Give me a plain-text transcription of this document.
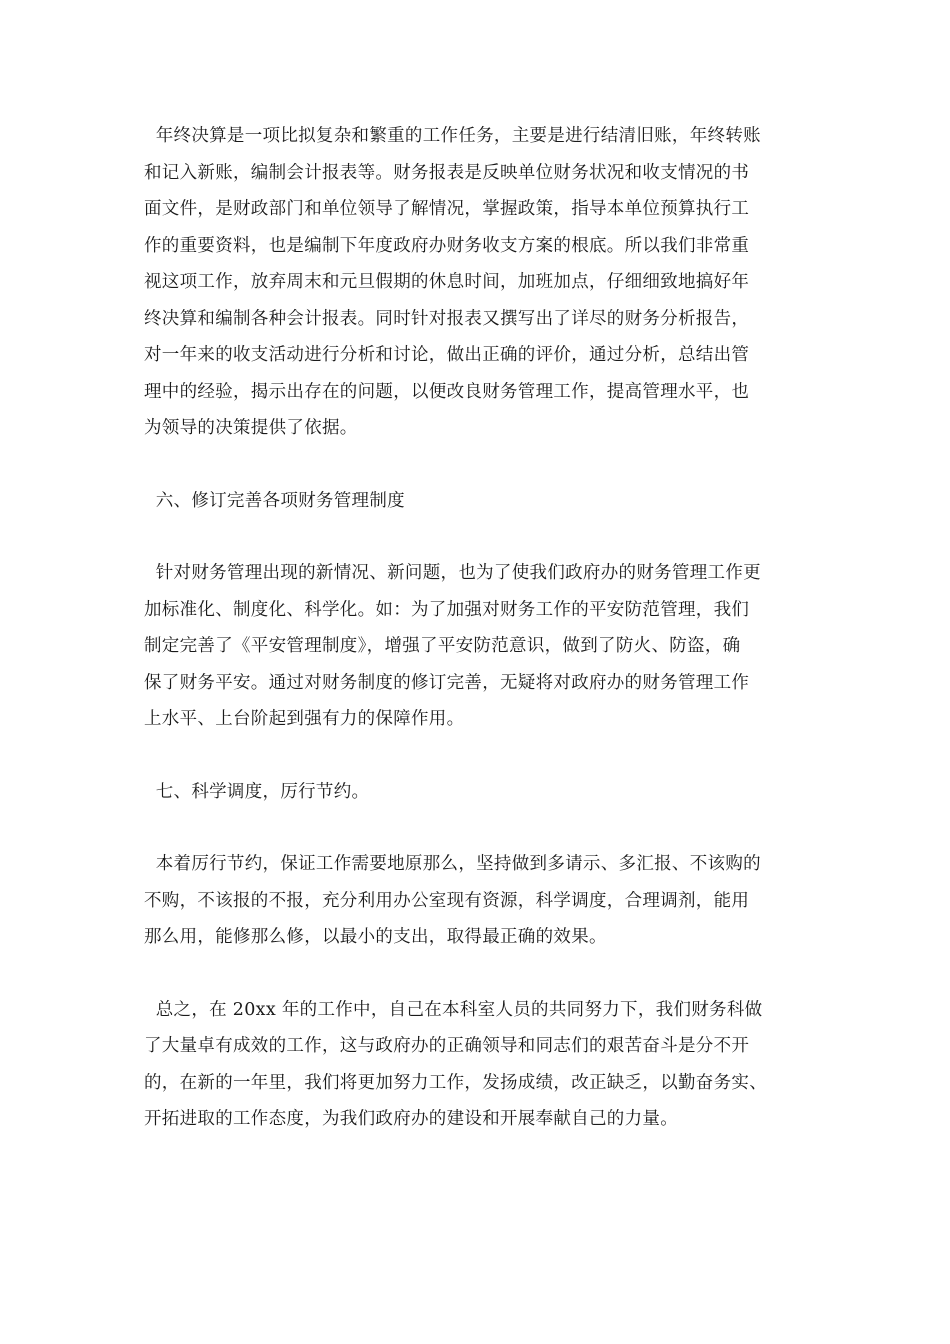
年终决算是一项比拟复杂和繁重的工作任务，主要是进行结清旧账，年终转账
和记入新账，编制会计报表等。财务报表是反映单位财务状况和收支情况的书
面文件，是财政部门和单位领导了解情况，掌握政策，指导本单位预算执行工
作的重要资料，也是编制下年度政府办财务收支方案的根底。所以我们非常重
视这项工作，放弃周末和元旦假期的休息时间，加班加点，仔细细致地搞好年
终决算和编制各种会计报表。同时针对报表又撰写出了详尽的财务分析报告，
对一年来的收支活动进行分析和讨论，做出正确的评价，通过分析，总结出管
理中的经验，揭示出存在的问题，以便改良财务管理工作，提高管理水平，也
为领导的决策提供了依据。
六、修订完善各项财务管理制度
针对财务管理出现的新情况、新问题，也为了使我们政府办的财务管理工作更
加标准化、制度化、科学化。如：为了加强对财务工作的平安防范管理，我们
制定完善了《平安管理制度》，增强了平安防范意识，做到了防火、防盗，确
保了财务平安。通过对财务制度的修订完善，无疑将对政府办的财务管理工作
上水平、上台阶起到强有力的保障作用。
七、科学调度，厉行节约。
本着厉行节约，保证工作需要地原那么，坚持做到多请示、多汇报、不该购的
不购，不该报的不报，充分利用办公室现有资源，科学调度，合理调剂，能用
那么用，能修那么修，以最小的支出，取得最正确的效果。
总之，在 20xx 年的工作中，自己在本科室人员的共同努力下，我们财务科做
了大量卓有成效的工作，这与政府办的正确领导和同志们的艰苦奋斗是分不开
的，在新的一年里，我们将更加努力工作，发扬成绩，改正缺乏，以勤奋务实、
开拓进取的工作态度，为我们政府办的建设和开展奉献自己的力量。
